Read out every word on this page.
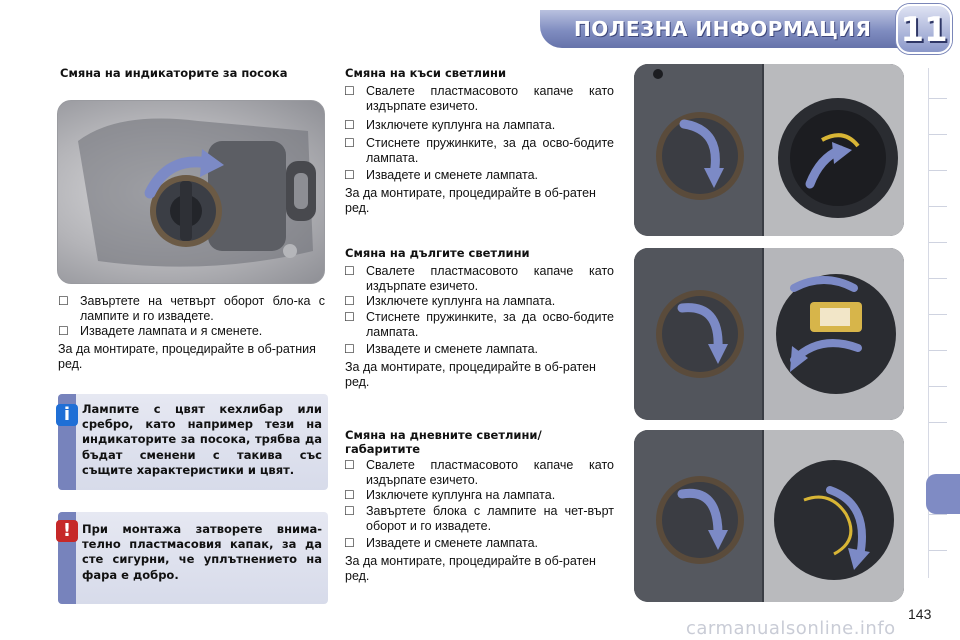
ПОЛЕЗНА ИНФОРМАЦИЯ 11
Смяна на индикаторите за посока
☐ Завъртете на четвърт оборот бло-ка с лампите и го извадете.
☐ Извадете лампата и я сменете.
За да монтирате, процедирайте в об-ратния ред.
i	Лампите с цвят кехлибар или сребро, като например тези на индикаторите за посока, трябва да бъдат сменени с такива със същите характеристики и цвят.
! При монтажа затворете внима-телно пластмасовия капак, за да сте сигурни, че уплътнението на фара е добро.
Смяна на къси светлини
☐ Свалете пластмасовото капаче като издърпате езичето.
☐ Изключете куплунга на лампата.
☐ Стиснете пружинките, за да осво-бодите лампата.
☐ Извадете и сменете лампата.
За да монтирате, процедирайте в об-ратен ред.
Смяна на дългите светлини
☐ Свалете пластмасовото капаче като издърпате езичето.
☐ Изключете куплунга на лампата.
☐ Стиснете пружинките, за да осво-бодите лампата.
☐ Извадете и сменете лампата.
За да монтирате, процедирайте в об-ратен ред.
Смяна на дневните светлини/ габаритите
☐ Свалете пластмасовото капаче като издърпате езичето.
☐ Изключете куплунга на лампата.
☐ Завъртете блока с лампите на чет-върт оборот и го извадете.
☐ Извадете и сменете лампата.
За да монтирате, процедирайте в об-ратен ред.
143
carmanualsonline.info
